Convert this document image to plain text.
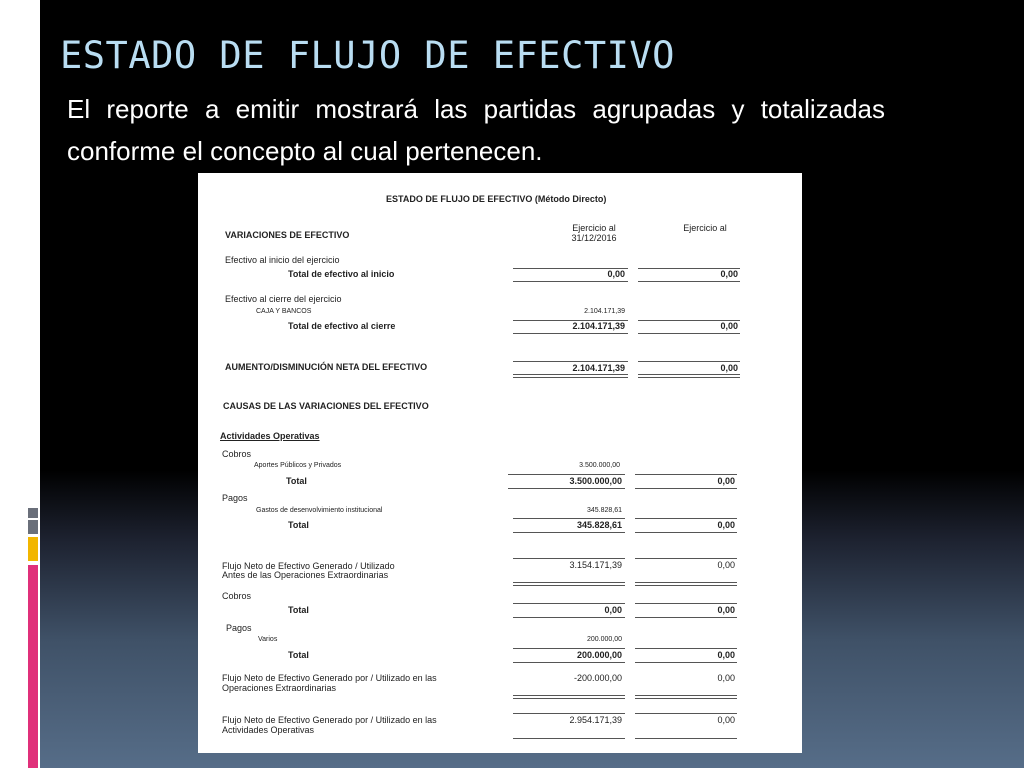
ESTADO DE FLUJO DE EFECTIVO
El reporte a emitir mostrará las partidas agrupadas y totalizadas conforme el concepto al cual pertenecen.
ESTADO DE FLUJO DE EFECTIVO (Método Directo)
VARIACIONES DE EFECTIVO
Ejercicio al 31/12/2016
Ejercicio al
Efectivo al inicio del ejercicio
Total de efectivo al inicio	0,00	0,00
Efectivo al cierre del ejercicio
CAJA Y BANCOS	2.104.171,39
Total de efectivo al cierre	2.104.171,39	0,00
AUMENTO/DISMINUCIÓN NETA DEL EFECTIVO	2.104.171,39	0,00
CAUSAS DE LAS VARIACIONES DEL EFECTIVO
Actividades Operativas
Cobros
Aportes Públicos y Privados	3.500.000,00
Total	3.500.000,00	0,00
Pagos
Gastos de desenvolvimiento institucional	345.828,61
Total	345.828,61	0,00
Flujo Neto de Efectivo Generado / Utilizado
Antes de las Operaciones Extraordinarias
3.154.171,39	0,00
Cobros
Total	0,00	0,00
Pagos
Varios	200.000,00
Total	200.000,00	0,00
Flujo Neto de Efectivo Generado por / Utilizado en las
Operaciones Extraordinarias
-200.000,00	0,00
Flujo Neto de Efectivo Generado por / Utilizado en las
Actividades Operativas
2.954.171,39	0,00
